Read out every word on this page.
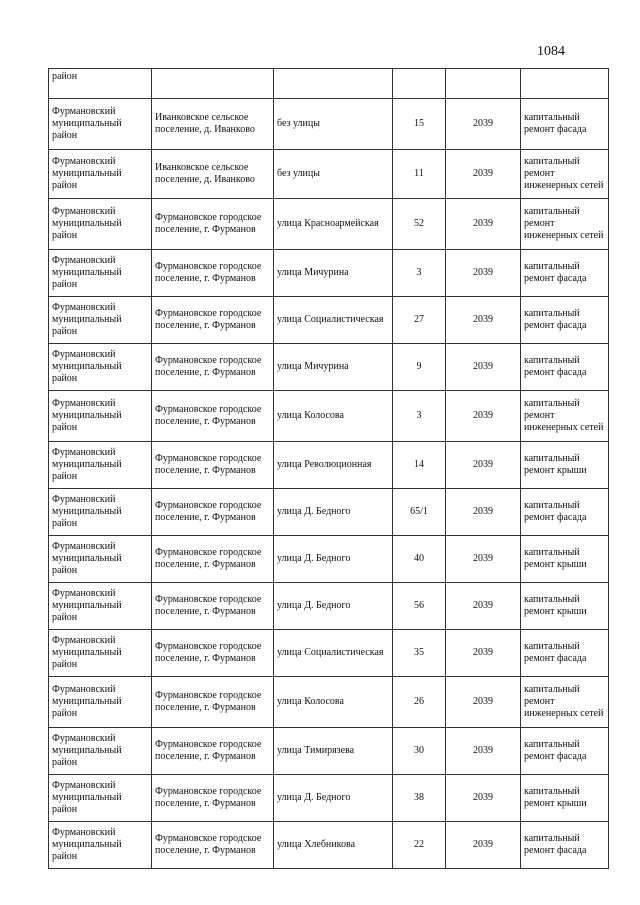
1084
район					
Фурмановский муниципальный район	Иванковское сельское поселение, д. Иванково	без улицы	15	2039	капитальный ремонт фасада
Фурмановский муниципальный район	Иванковское сельское поселение, д. Иванково	без улицы	11	2039	капитальный ремонт инженерных сетей
Фурмановский муниципальный район	Фурмановское городское поселение, г. Фурманов	улица Красноармейская	52	2039	капитальный ремонт инженерных сетей
Фурмановский муниципальный район	Фурмановское городское поселение, г. Фурманов	улица Мичурина	3	2039	капитальный ремонт фасада
Фурмановский муниципальный район	Фурмановское городское поселение, г. Фурманов	улица Социалистическая	27	2039	капитальный ремонт фасада
Фурмановский муниципальный район	Фурмановское городское поселение, г. Фурманов	улица Мичурина	9	2039	капитальный ремонт фасада
Фурмановский муниципальный район	Фурмановское городское поселение, г. Фурманов	улица Колосова	3	2039	капитальный ремонт инженерных сетей
Фурмановский муниципальный район	Фурмановское городское поселение, г. Фурманов	улица Революционная	14	2039	капитальный ремонт крыши
Фурмановский муниципальный район	Фурмановское городское поселение, г. Фурманов	улица Д. Бедного	65/1	2039	капитальный ремонт фасада
Фурмановский муниципальный район	Фурмановское городское поселение, г. Фурманов	улица Д. Бедного	40	2039	капитальный ремонт крыши
Фурмановский муниципальный район	Фурмановское городское поселение, г. Фурманов	улица Д. Бедного	56	2039	капитальный ремонт крыши
Фурмановский муниципальный район	Фурмановское городское поселение, г. Фурманов	улица Социалистическая	35	2039	капитальный ремонт фасада
Фурмановский муниципальный район	Фурмановское городское поселение, г. Фурманов	улица Колосова	26	2039	капитальный ремонт инженерных сетей
Фурмановский муниципальный район	Фурмановское городское поселение, г. Фурманов	улица Тимирязева	30	2039	капитальный ремонт фасада
Фурмановский муниципальный район	Фурмановское городское поселение, г. Фурманов	улица Д. Бедного	38	2039	капитальный ремонт крыши
Фурмановский муниципальный район	Фурмановское городское поселение, г. Фурманов	улица Хлебникова	22	2039	капитальный ремонт фасада
